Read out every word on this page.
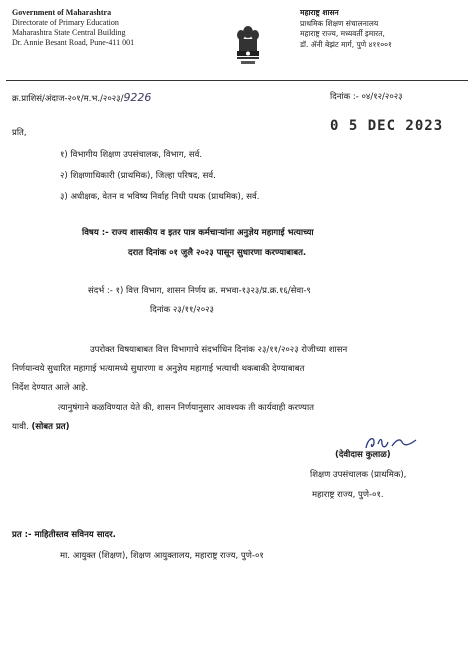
Government of Maharashtra
Directorate of Primary Education
Maharashtra State Central Building
Dr. Annie Besant Road, Pune-411 001
महाराष्ट्र शासन
प्राथमिक शिक्षण संचालनालय
महाराष्ट्र राज्य, मध्यवर्ती इमारत,
डॉ. ॲनी बेझंट मार्ग, पुणे ४११००१
क्र.प्राशिसं/अंदाज-२०१/म.भ./२०२३/9226	दिनांक :- ०४/१२/२०२३
0 5 DEC 2023
प्रति,
१) विभागीय शिक्षण उपसंचालक, विभाग, सर्व.
२) शिक्षणाधिकारी (प्राथमिक), जिल्हा परिषद, सर्व.
३) अधीक्षक, वेतन व भविष्य निर्वाह निधी पथक (प्राथमिक), सर्व.
विषय :- राज्य शासकीय व इतर पात्र कर्मचाऱ्यांना अनुज्ञेय महागाई भत्याच्या
दरात दिनांक ०१ जुलै २०२३ पासून सुधारणा करण्याबाबत.
संदर्भ :- १) वित्त विभाग, शासन निर्णय क्र. मभवा-१३२३/प्र.क्र.१६/सेवा-९
दिनांक २३/११/२०२३
उपरोक्त विषयाबाबत वित्त विभागाचे संदर्भाधिन दिनांक २३/११/२०२३ रोजीच्या शासन
निर्णयान्वये सुधारित महागाई भत्यामध्ये सुधारणा व अनुज्ञेय महागाई भत्याची थकबाकी देण्याबाबत
निर्देश देण्यात आले आहे.
त्यानुषंगाने कळविण्यात येते की, शासन निर्णयानुसार आवश्यक ती कार्यवाही करण्यात
यावी. (सोबत प्रत)
(देवीदास कुलाळ)
शिक्षण उपसंचालक (प्राथमिक),
महाराष्ट्र राज्य, पुणे-०१.
प्रत :- माहितीस्तव सविनय सादर.
मा. आयुक्त (शिक्षण), शिक्षण आयुक्तालय, महाराष्ट्र राज्य, पुणे-०१
